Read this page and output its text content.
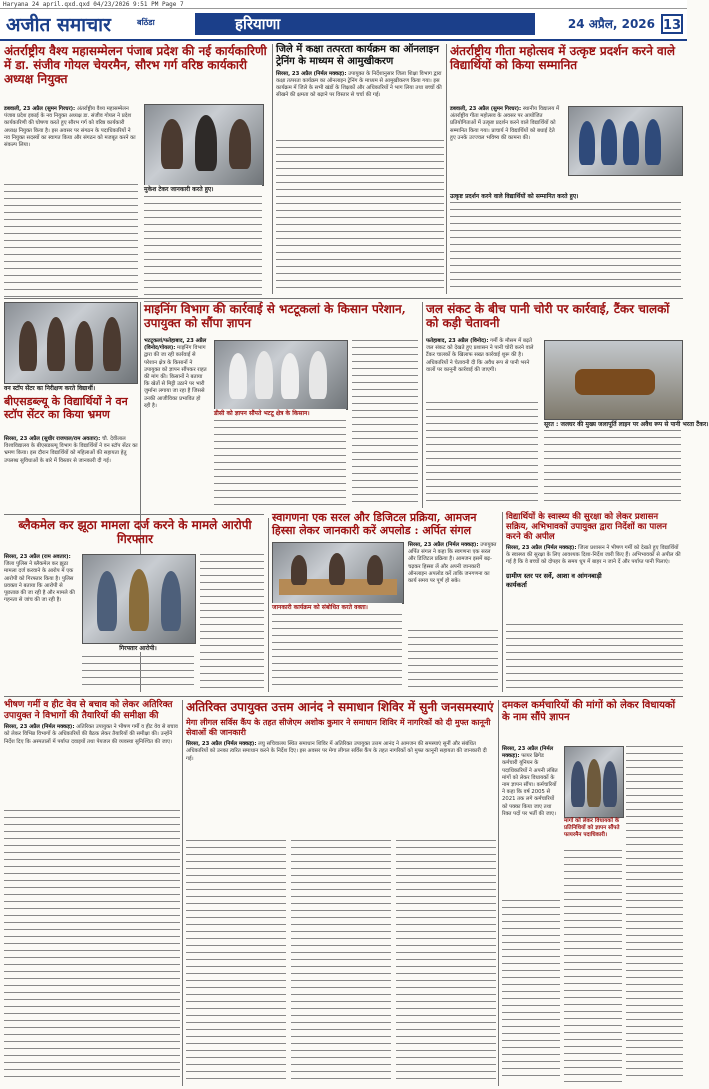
Haryana 24 april.qxd.qxd 04/23/2026 9:51 PM Page 7
अजीत समाचार	बठिंडा	हरियाणा	24 अप्रैल, 2026 13
अंतर्राष्ट्रीय वैश्य महासम्मेलन पंजाब प्रदेश की नई कार्यकारिणी में डा. संजीव गोयल चेयरमैन, सौरभ गर्ग वरिष्ठ कार्यकारी अध्यक्ष नियुक्त
मुकेश टेकर जानकारी करते हुए।

डबवाली, 23 अप्रैल (सुमन गिरधर): अंतर्राष्ट्रीय वैश्य महासम्मेलन पंजाब प्रदेश इकाई के नव नियुक्त अध्यक्ष डा. संजीव गोयल ने प्रदेश कार्यकारिणी की घोषणा करते हुए सौरभ गर्ग को वरिष्ठ कार्यकारी अध्यक्ष नियुक्त किया है। इस अवसर पर संगठन के पदाधिकारियों ने नव नियुक्त सदस्यों का स्वागत किया और संगठन को मजबूत करने का संकल्प लिया।

जिले में कक्षा तत्परता कार्यक्रम का ऑनलाइन ट्रेनिंग के माध्यम से आमुखीकरण

सिरसा, 23 अप्रैल (निर्मल मक्कड़): उपायुक्त के निर्देशानुसार जिला शिक्षा विभाग द्वारा कक्षा तत्परता कार्यक्रम का ऑनलाइन ट्रेनिंग के माध्यम से आमुखीकरण किया गया। इस कार्यक्रम में जिले के सभी खंडों के शिक्षकों और अधिकारियों ने भाग लिया तथा बच्चों की सीखने की क्षमता को बढ़ाने पर विस्तार से चर्चा की गई।

अंतर्राष्ट्रीय गीता महोत्सव में उत्कृष्ट प्रदर्शन करने वाले विद्यार्थियों को किया सम्मानित

डबवाली, 23 अप्रैल (सुमन गिरधर): स्थानीय विद्यालय में अंतर्राष्ट्रीय गीता महोत्सव के अवसर पर आयोजित प्रतियोगिताओं में उत्कृष्ट प्रदर्शन करने वाले विद्यार्थियों को सम्मानित किया गया। प्राचार्य ने विद्यार्थियों को बधाई देते हुए उनके उज्ज्वल भविष्य की कामना की।

उत्कृष्ट प्रदर्शन करने वाले विद्यार्थियों को सम्मानित करते हुए।
माइनिंग विभाग की कार्रवाई से भटटूकलां के किसान परेशान, उपायुक्त को सौंपा ज्ञापन

भटटूकलां/फतेहाबाद, 23 अप्रैल (विनोद/गोयल): माइनिंग विभाग द्वारा की जा रही कार्रवाई से परेशान क्षेत्र के किसानों ने उपायुक्त को ज्ञापन सौंपकर राहत की मांग की। किसानों ने बताया कि खेतों से मिट्टी उठाने पर भारी जुर्माना लगाया जा रहा है जिससे उनकी आजीविका प्रभावित हो रही है।

डीसी को ज्ञापन सौंपते भटटू क्षेत्र के किसान।
जल संकट के बीच पानी चोरी पर कार्रवाई, टैंकर चालकों को कड़ी चेतावनी

फतेहाबाद, 23 अप्रैल (विनोद): गर्मी के मौसम में बढ़ते जल संकट को देखते हुए प्रशासन ने पानी चोरी करने वाले टैंकर चालकों के खिलाफ सख्त कार्रवाई शुरू की है। अधिकारियों ने चेतावनी दी कि अवैध रूप से पानी भरने वालों पर कानूनी कार्रवाई की जाएगी।

सूरत : जलघर की मुख्य जलापूर्ति लाइन पर अवैध रूप से पानी भरता टैंकर।
वन स्टॉप सेंटर का निरीक्षण करते विद्यार्थी।
बीएसडब्ल्यू के विद्यार्थियों ने वन स्टॉप सेंटर का किया भ्रमण

सिरसा, 23 अप्रैल (सुधीर राजपाल/राम अवतार): चौ. देवीलाल विश्वविद्यालय के बीएसडब्ल्यू विभाग के विद्यार्थियों ने वन स्टॉप सेंटर का भ्रमण किया। इस दौरान विद्यार्थियों को महिलाओं की सहायता हेतु उपलब्ध सुविधाओं के बारे में विस्तार से जानकारी दी गई।

ब्लैकमेल कर झूठा मामला दर्ज करने के मामले आरोपी गिरफ्तार

सिरसा, 23 अप्रैल (राम अवतार): जिला पुलिस ने ब्लैकमेल कर झूठा मामला दर्ज करवाने के आरोप में एक आरोपी को गिरफ्तार किया है। पुलिस प्रवक्ता ने बताया कि आरोपी से पूछताछ की जा रही है और मामले की गहनता से जांच की जा रही है।

गिरफ्तार आरोपी।
स्वागणना एक सरल और डिजिटल प्रक्रिया, आमजन हिस्सा लेकर जानकारी करें अपलोड : अर्पित संगल
जानकारी कार्यक्रम को संबोधित करते वक्ता।

सिरसा, 23 अप्रैल (निर्मल मक्कड़): उपायुक्त अर्पित संगल ने कहा कि स्वगणना एक सरल और डिजिटल प्रक्रिया है। आमजन इसमें बढ़-चढ़कर हिस्सा लें और अपनी जानकारी ऑनलाइन अपलोड करें ताकि जनगणना का कार्य समय पर पूर्ण हो सके।

विद्यार्थियों के स्वास्थ्य की सुरक्षा को लेकर प्रशासन सक्रिय, अभिभावकों उपायुक्त द्वारा निर्देशों का पालन करने की अपील

सिरसा, 23 अप्रैल (निर्मल मक्कड़): जिला प्रशासन ने भीषण गर्मी को देखते हुए विद्यार्थियों के स्वास्थ्य की सुरक्षा के लिए आवश्यक दिशा-निर्देश जारी किए हैं। अभिभावकों से अपील की गई है कि वे बच्चों को दोपहर के समय धूप में बाहर न जाने दें और पर्याप्त पानी पिलाएं।

ग्रामीण स्तर पर सर्वे, आशा व आंगनबाड़ी कार्यकर्ता
भीषण गर्मी व हीट वेव से बचाव को लेकर अतिरिक्त उपायुक्त ने विभागों की तैयारियों की समीक्षा की

सिरसा, 23 अप्रैल (निर्मल मक्कड़): अतिरिक्त उपायुक्त ने भीषण गर्मी व हीट वेव से बचाव को लेकर विभिन्न विभागों के अधिकारियों की बैठक लेकर तैयारियों की समीक्षा की। उन्होंने निर्देश दिए कि अस्पतालों में पर्याप्त दवाइयों तथा पेयजल की व्यवस्था सुनिश्चित की जाए।

अतिरिक्त उपायुक्त उत्तम आनंद ने समाधान शिविर में सुनी जनसमस्याएं
मेगा लीगल सर्विस कैंप के तहत सीजेएम अशोक कुमार ने समाधान शिविर में नागरिकों को दी मुफ्त कानूनी सेवाओं की जानकारी

सिरसा, 23 अप्रैल (निर्मल मक्कड़): लघु सचिवालय स्थित समाधान शिविर में अतिरिक्त उपायुक्त उत्तम आनंद ने आमजन की समस्याएं सुनीं और संबंधित अधिकारियों को उनका त्वरित समाधान करने के निर्देश दिए। इस अवसर पर मेगा लीगल सर्विस कैंप के तहत नागरिकों को मुफ्त कानूनी सहायता की जानकारी दी गई।

दमकल कर्मचारियों की मांगों को लेकर विधायकों के नाम सौंपे ज्ञापन

सिरसा, 23 अप्रैल (निर्मल मक्कड़): फायर ब्रिगेड कर्मचारी यूनियन के पदाधिकारियों ने अपनी लंबित मांगों को लेकर विधायकों के नाम ज्ञापन सौंपा। कर्मचारियों ने कहा कि वर्ष 2005 से 2021 तक लगे कर्मचारियों को पक्का किया जाए तथा रिक्त पदों पर भर्ती की जाए।

मांगों को लेकर विधायकों के प्रतिनिधियों को ज्ञापन सौंपते फायरमैन पदाधिकारी।
